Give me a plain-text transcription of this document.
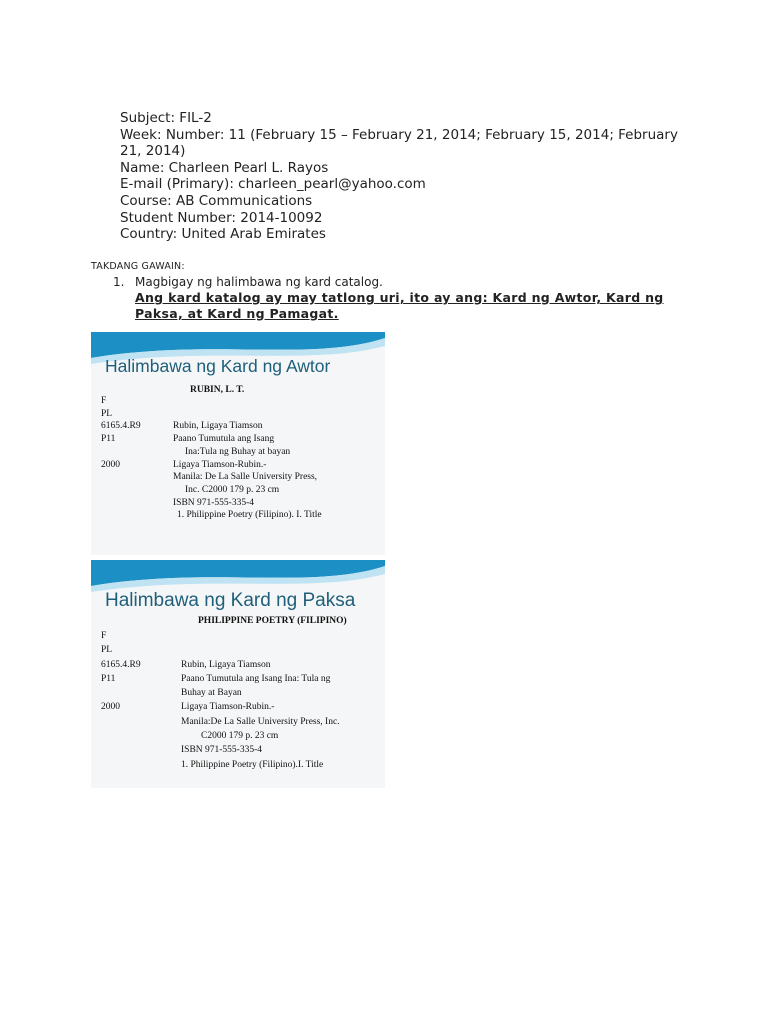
Subject: FIL-2
Week: Number: 11 (February 15 – February 21, 2014; February 15, 2014; February
21, 2014)
Name: Charleen Pearl L. Rayos
E-mail (Primary): charleen_pearl@yahoo.com
Course: AB Communications
Student Number: 2014-10092
Country: United Arab Emirates
TAKDANG GAWAIN:
1. Magbigay ng halimbawa ng kard catalog.
Ang kard katalog ay may tatlong uri, ito ay ang: Kard ng Awtor, Kard ng
Paksa, at Kard ng Pamagat.
Halimbawa ng Kard ng Awtor
RUBIN, L. T.
F
PL
6165.4.R9	Rubin, Ligaya Tiamson
P11	Paano Tumutula ang Isang
Ina:Tula ng Buhay at bayan
2000	Ligaya Tiamson-Rubin.-
Manila: De La Salle University Press,
Inc. C2000 179 p. 23 cm
ISBN 971-555-335-4
1. Philippine Poetry (Filipino). I. Title
Halimbawa ng Kard ng Paksa
PHILIPPINE POETRY (FILIPINO)
F
PL
6165.4.R9	Rubin, Ligaya Tiamson
P11	Paano Tumutula ang Isang Ina: Tula ng
Buhay at Bayan
2000	Ligaya Tiamson-Rubin.-
Manila:De La Salle University Press, Inc.
C2000 179 p. 23 cm
ISBN 971-555-335-4
1. Philippine Poetry (Filipino).I. Title
